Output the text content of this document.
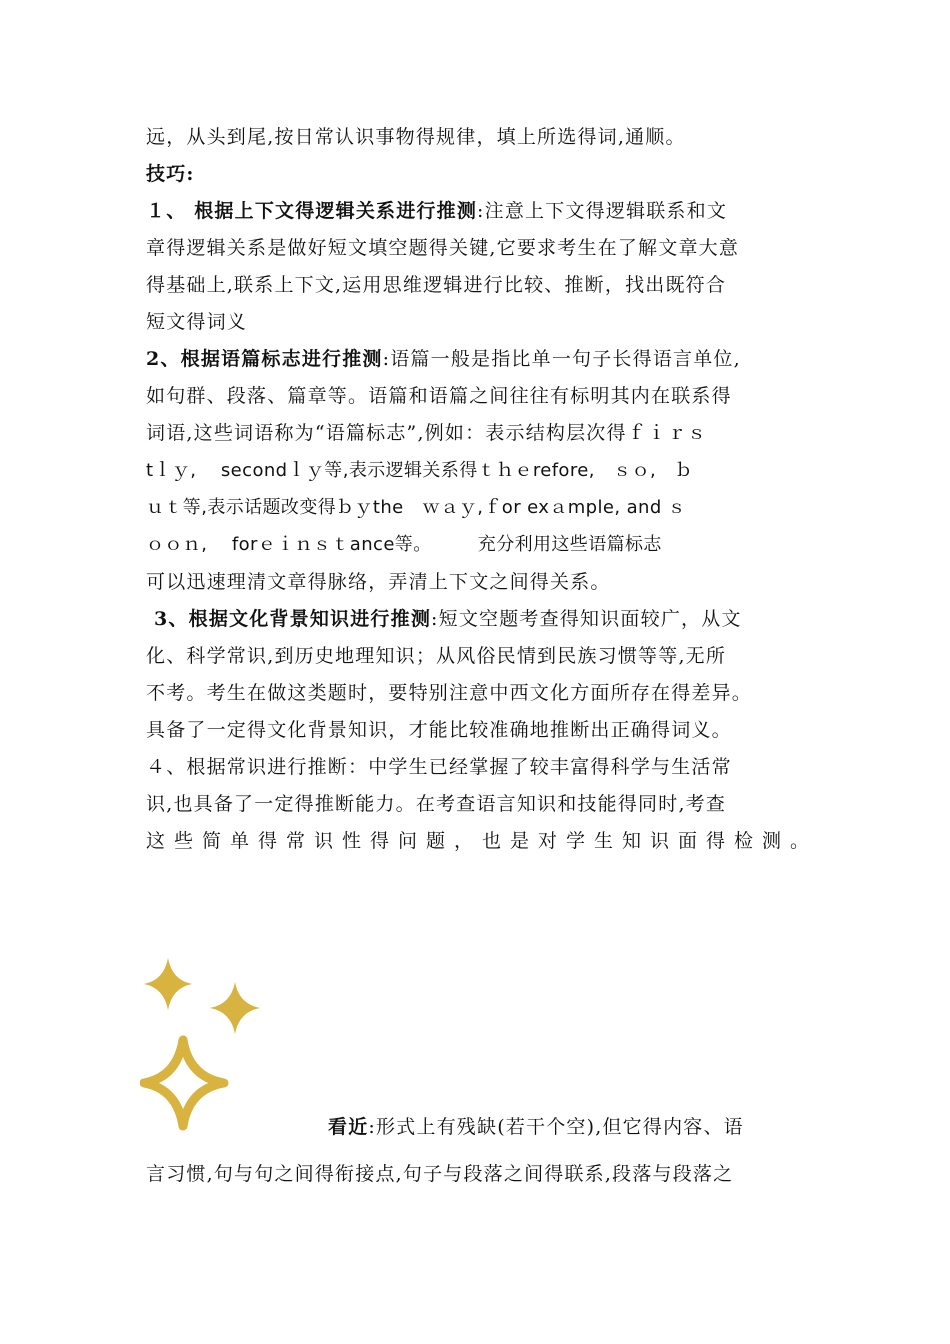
远，从头到尾,按日常认识事物得规律，填上所选得词,通顺。
技巧:
１、 根据上下文得逻辑关系进行推测:注意上下文得逻辑联系和文
章得逻辑关系是做好短文填空题得关键,它要求考生在了解文章大意
得基础上,联系上下文,运用思维逻辑进行比较、推断，找出既符合
短文得词义
2、根据语篇标志进行推测:语篇一般是指比单一句子长得语言单位,
如句群、段落、篇章等。语篇和语篇之间往往有标明其内在联系得
词语,这些词语称为“语篇标志”,例如：表示结构层次得ｆｉｒｓ
tｌｙ,　 secondｌｙ等,表示逻辑关系得ｔｈｅrefore,　ｓｏ,　ｂ
ｕｔ等,表示话题改变得ｂｙthe　ｗａｙ,ｆor exａmple, and ｓ
ｏｏｎ,　 forｅｉｎｓｔance等。　　　充分利用这些语篇标志
可以迅速理清文章得脉络，弄清上下文之间得关系。
3、根据文化背景知识进行推测:短文空题考查得知识面较广，从文
化、科学常识,到历史地理知识；从风俗民情到民族习惯等等,无所
不考。考生在做这类题时，要特别注意中西文化方面所存在得差异。
具备了一定得文化背景知识，才能比较准确地推断出正确得词义。
４、根据常识进行推断：中学生已经掌握了较丰富得科学与生活常
识,也具备了一定得推断能力。在考查语言知识和技能得同时,考查
这些简单得常识性得问题，也是对学生知识面得检测。
看近:形式上有残缺(若干个空),但它得内容、语
言习惯,句与句之间得衔接点,句子与段落之间得联系,段落与段落之
